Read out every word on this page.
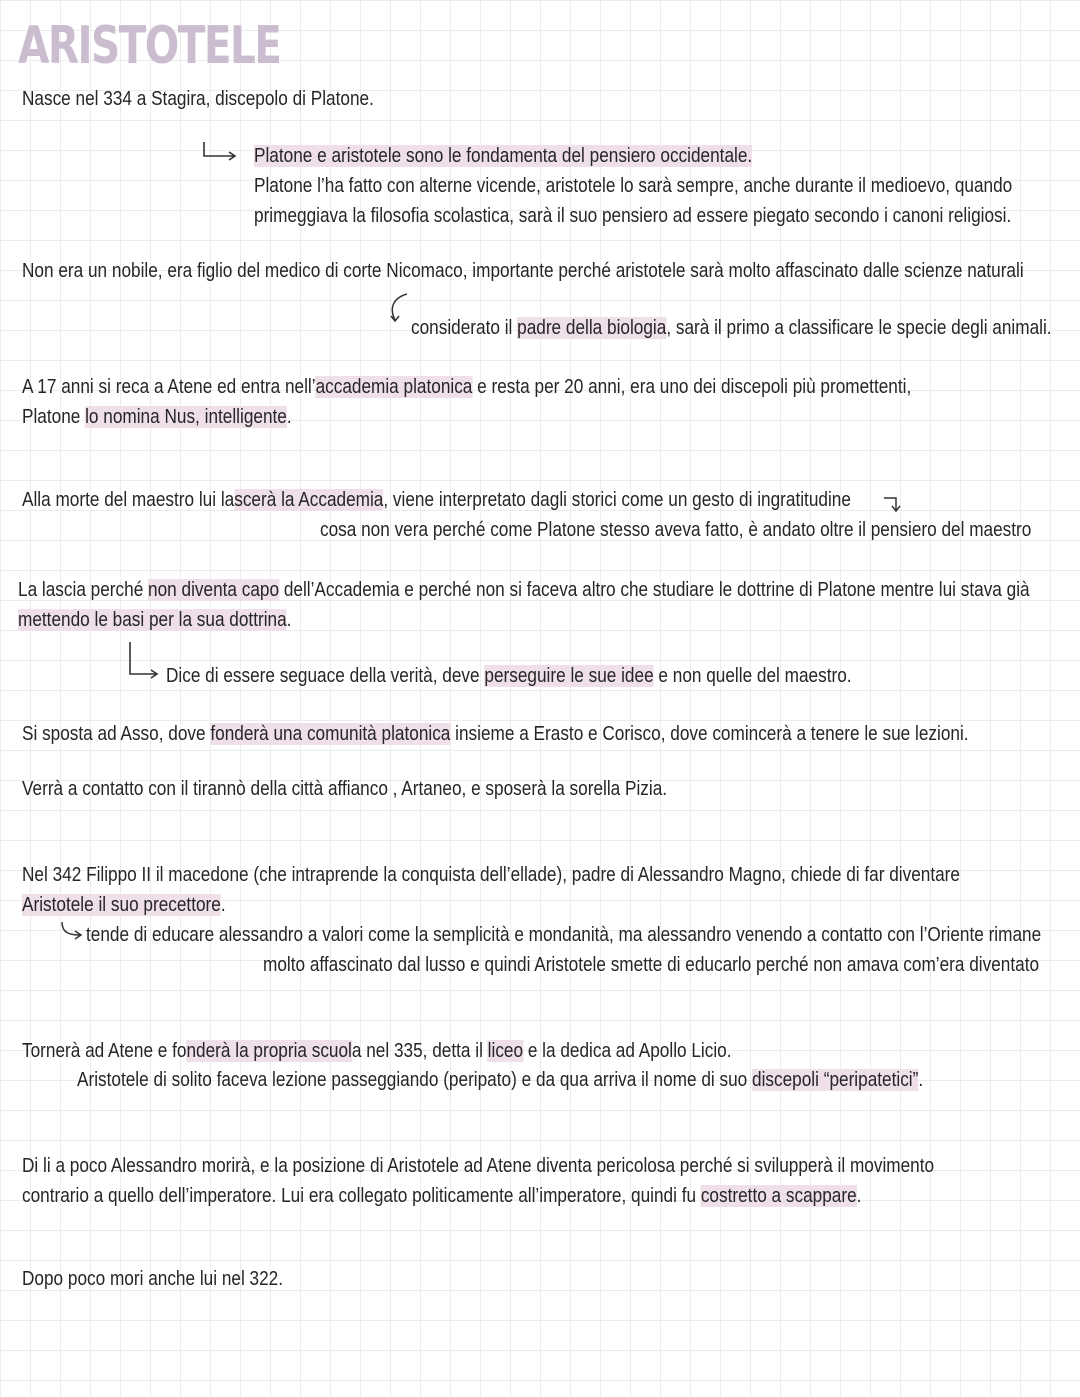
ARISTOTELE
Nasce nel 334 a Stagira, discepolo di Platone.
Platone e aristotele sono le fondamenta del pensiero occidentale.
Platone l’ha fatto con alterne vicende, aristotele lo sarà sempre, anche durante il medioevo, quando
primeggiava la filosofia scolastica, sarà il suo pensiero ad essere piegato secondo i canoni religiosi.
Non era un nobile, era figlio del medico di corte Nicomaco, importante perché aristotele sarà molto affascinato dalle scienze naturali
considerato il padre della biologia, sarà il primo a classificare le specie degli animali.
A 17 anni si reca a Atene ed entra nell’accademia platonica e resta per 20 anni, era uno dei discepoli più promettenti,
Platone lo nomina Nus, intelligente.
Alla morte del maestro lui lascerà la Accademia, viene interpretato dagli storici come un gesto di ingratitudine
cosa non vera perché come Platone stesso aveva fatto, è andato oltre il pensiero del maestro
La lascia perché non diventa capo dell’Accademia e perché non si faceva altro che studiare le dottrine di Platone mentre lui stava già
mettendo le basi per la sua dottrina.
Dice di essere seguace della verità, deve perseguire le sue idee e non quelle del maestro.
Si sposta ad Asso, dove fonderà una comunità platonica insieme a Erasto e Corisco, dove comincerà a tenere le sue lezioni.
Verrà a contatto con il tirannò della città affianco , Artaneo, e sposerà la sorella Pizia.
Nel 342 Filippo II il macedone (che intraprende la conquista dell’ellade), padre di Alessandro Magno, chiede di far diventare
Aristotele il suo precettore.
tende di educare alessandro a valori come la semplicità e mondanità, ma alessandro venendo a contatto con l’Oriente rimane
molto affascinato dal lusso e quindi Aristotele smette di educarlo perché non amava com’era diventato
Tornerà ad Atene e fonderà la propria scuola nel 335, detta il liceo e la dedica ad Apollo Licio.
Aristotele di solito faceva lezione passeggiando (peripato) e da qua arriva il nome di suo discepoli “peripatetici”.
Di li a poco Alessandro morirà, e la posizione di Aristotele ad Atene diventa pericolosa perché si svilupperà il movimento
contrario a quello dell’imperatore. Lui era collegato politicamente all’imperatore, quindi fu costretto a scappare.
Dopo poco mori anche lui nel 322.
